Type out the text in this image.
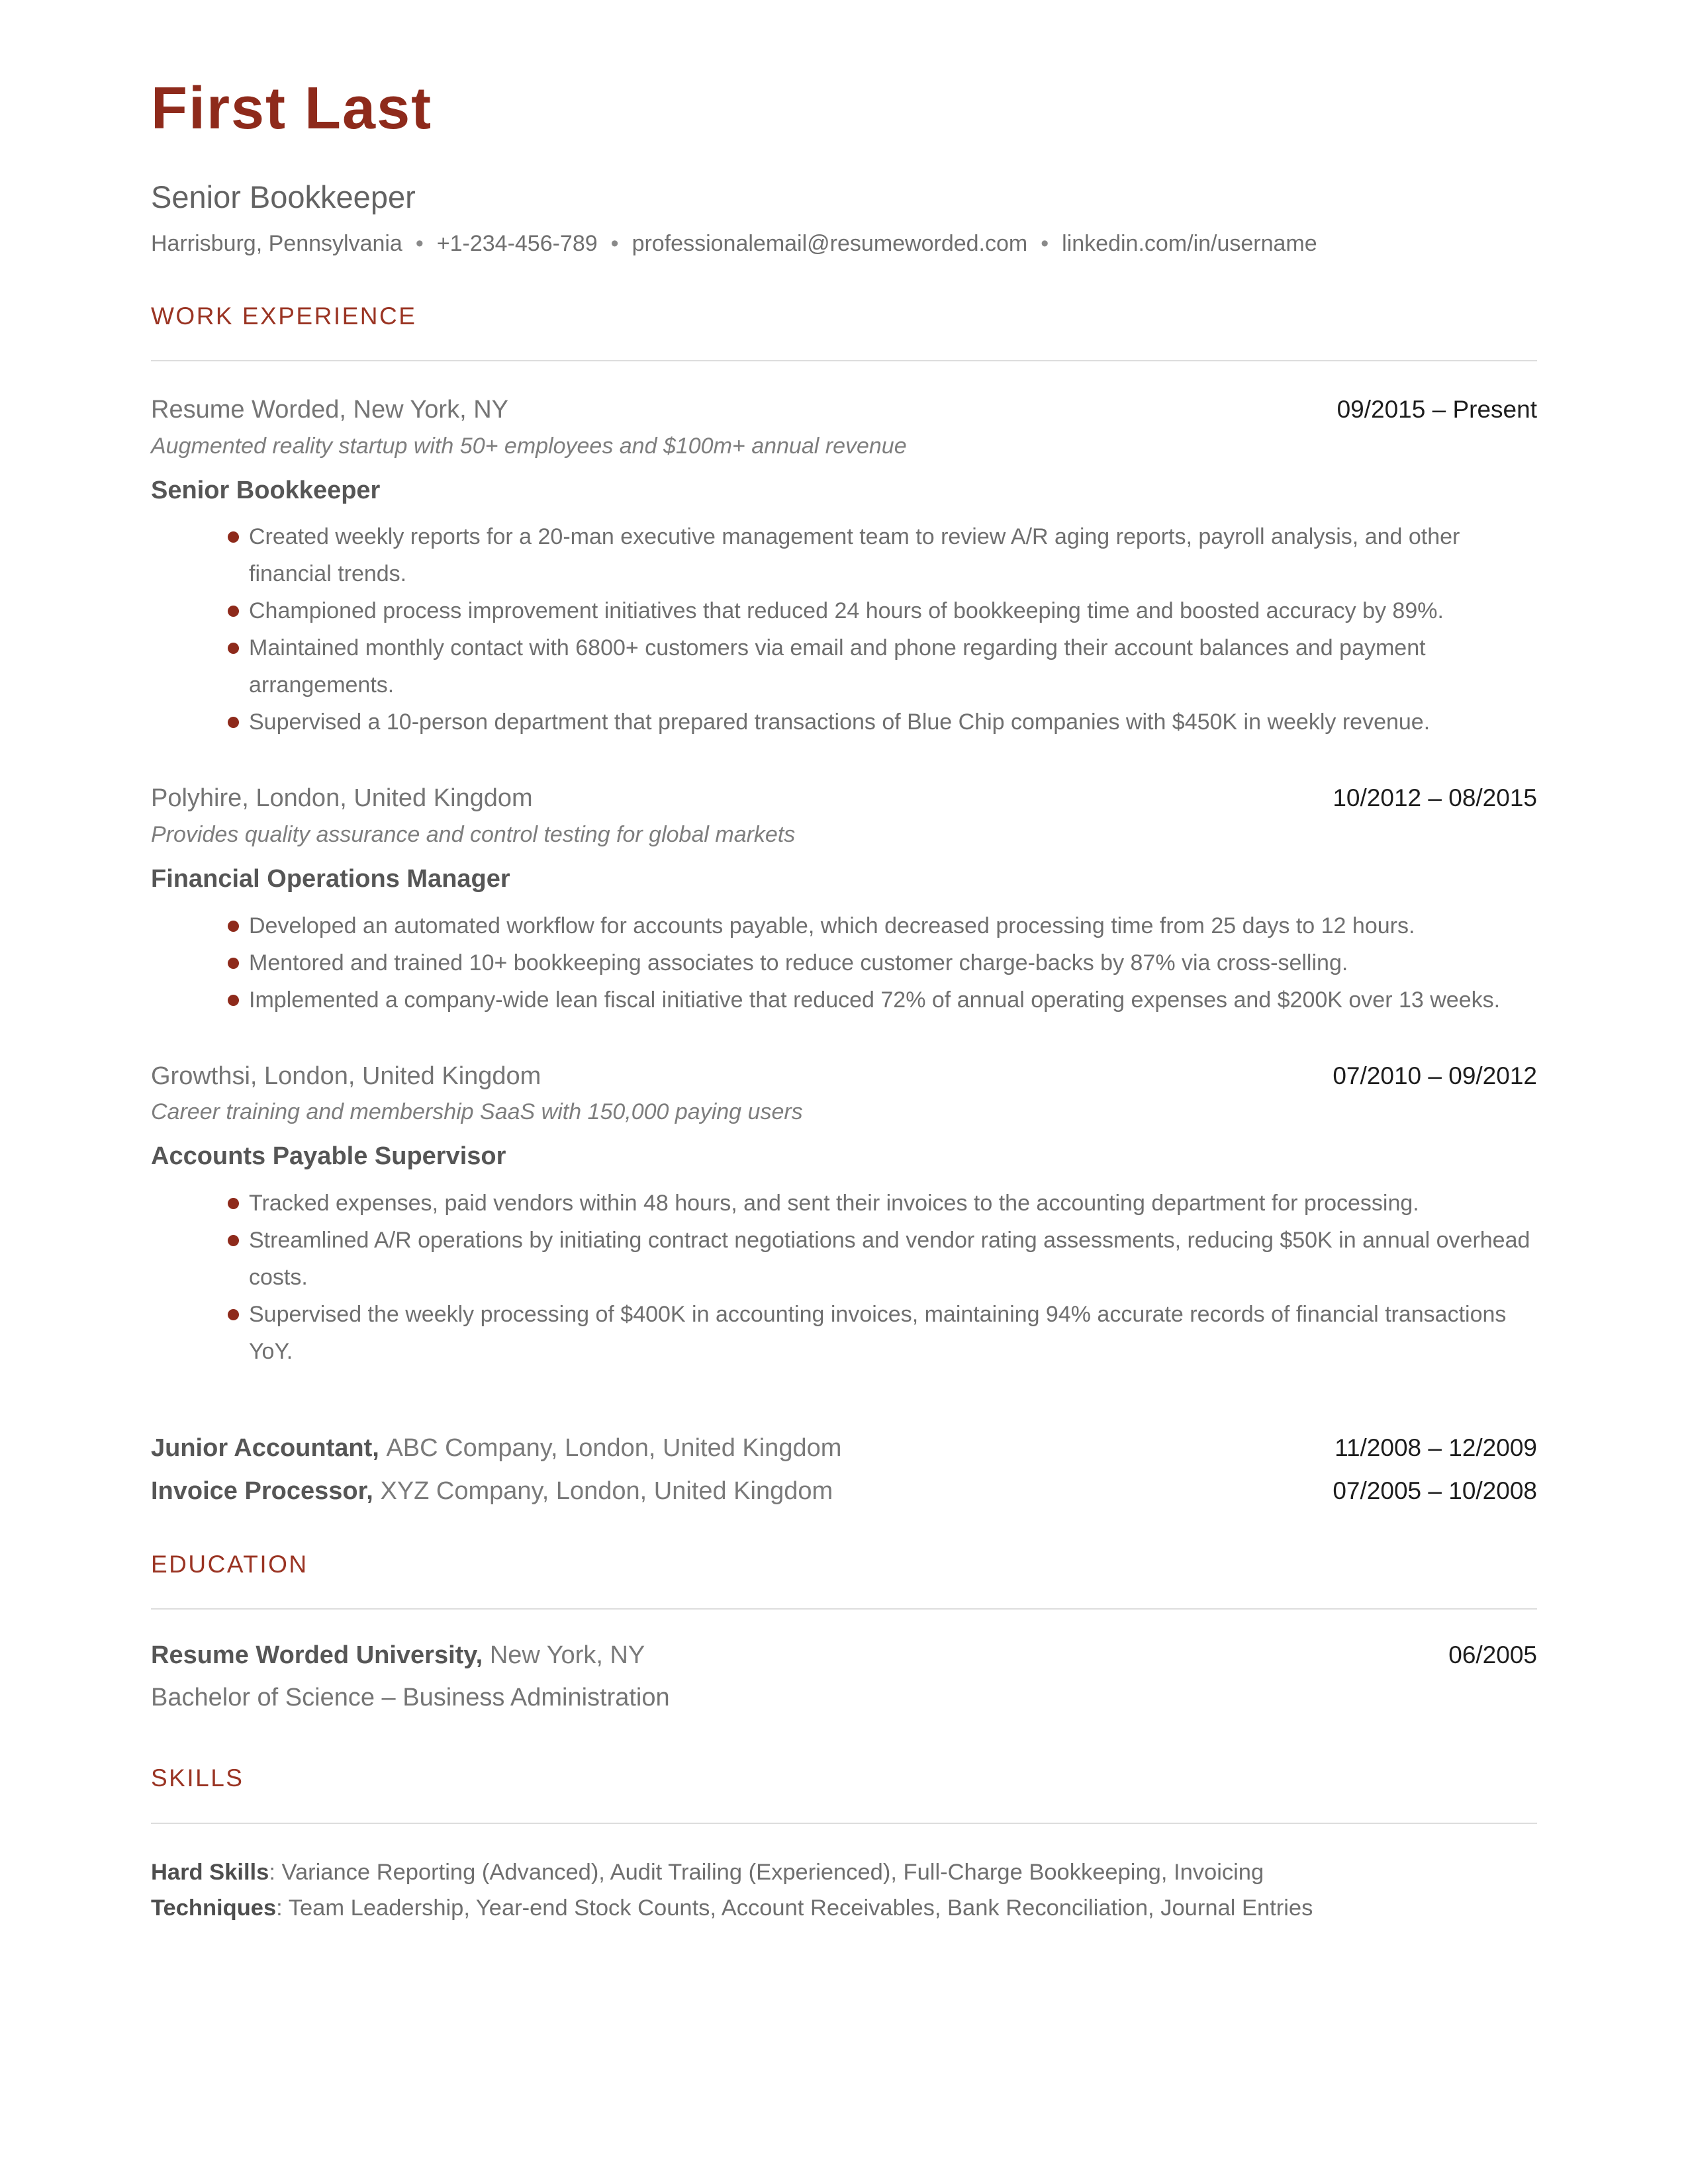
First Last
Senior Bookkeeper
Harrisburg, Pennsylvania • +1-234-456-789 • professionalemail@resumeworded.com • linkedin.com/in/username
WORK EXPERIENCE
Resume Worded, New York, NY	09/2015 – Present
Augmented reality startup with 50+ employees and $100m+ annual revenue
Senior Bookkeeper
Created weekly reports for a 20-man executive management team to review A/R aging reports, payroll analysis, and other financial trends.
Championed process improvement initiatives that reduced 24 hours of bookkeeping time and boosted accuracy by 89%.
Maintained monthly contact with 6800+ customers via email and phone regarding their account balances and payment arrangements.
Supervised a 10-person department that prepared transactions of Blue Chip companies with $450K in weekly revenue.
Polyhire, London, United Kingdom	10/2012 – 08/2015
Provides quality assurance and control testing for global markets
Financial Operations Manager
Developed an automated workflow for accounts payable, which decreased processing time from 25 days to 12 hours.
Mentored and trained 10+ bookkeeping associates to reduce customer charge-backs by 87% via cross-selling.
Implemented a company-wide lean fiscal initiative that reduced 72% of annual operating expenses and $200K over 13 weeks.
Growthsi, London, United Kingdom	07/2010 – 09/2012
Career training and membership SaaS with 150,000 paying users
Accounts Payable Supervisor
Tracked expenses, paid vendors within 48 hours, and sent their invoices to the accounting department for processing.
Streamlined A/R operations by initiating contract negotiations and vendor rating assessments, reducing $50K in annual overhead costs.
Supervised the weekly processing of $400K in accounting invoices, maintaining 94% accurate records of financial transactions YoY.
Junior Accountant, ABC Company, London, United Kingdom	11/2008 – 12/2009
Invoice Processor, XYZ Company, London, United Kingdom	07/2005 – 10/2008
EDUCATION
Resume Worded University, New York, NY	06/2005
Bachelor of Science – Business Administration
SKILLS
Hard Skills: Variance Reporting (Advanced), Audit Trailing (Experienced), Full-Charge Bookkeeping, Invoicing
Techniques: Team Leadership, Year-end Stock Counts, Account Receivables, Bank Reconciliation, Journal Entries
